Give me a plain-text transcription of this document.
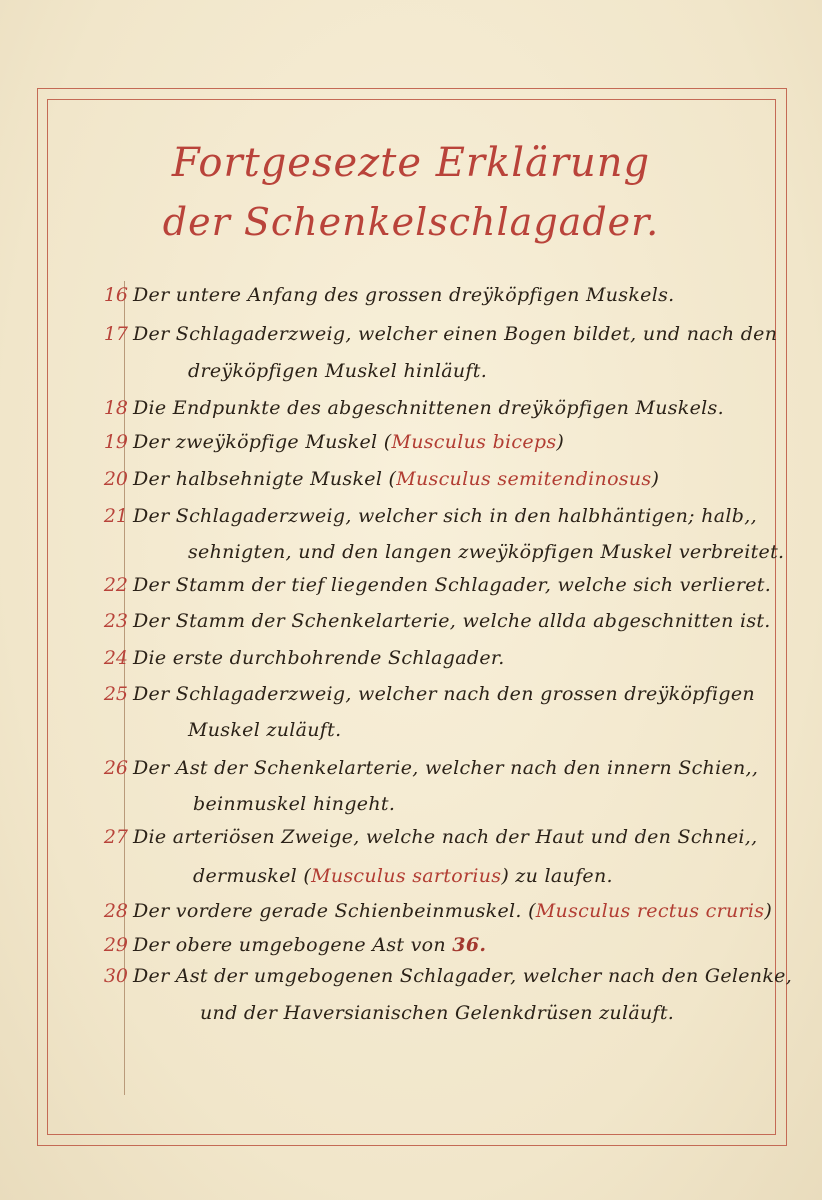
Fortgesezte Erklärung
der Schenkelschlagader.
16 Der untere Anfang des grossen dreÿköpfigen Muskels.
17 Der Schlagaderzweig, welcher einen Bogen bildet, und nach den
dreÿköpfigen Muskel hinläuft.
18 Die Endpunkte des abgeschnittenen dreÿköpfigen Muskels.
19 Der zweÿköpfige Muskel (Musculus biceps)
20 Der halbsehnigte Muskel (Musculus semitendinosus)
21 Der Schlagaderzweig, welcher sich in den halbhäntigen; halb,,
sehnigten, und den langen zweÿköpfigen Muskel verbreitet.
22 Der Stamm der tief liegenden Schlagader, welche sich verlieret.
23 Der Stamm der Schenkelarterie, welche allda abgeschnitten ist.
24 Die erste durchbohrende Schlagader.
25 Der Schlagaderzweig, welcher nach den grossen dreÿköpfigen
Muskel zuläuft.
26 Der Ast der Schenkelarterie, welcher nach den innern Schien,,
beinmuskel hingeht.
27 Die arteriösen Zweige, welche nach der Haut und den Schnei,,
dermuskel (Musculus sartorius) zu laufen.
28 Der vordere gerade Schienbeinmuskel. (Musculus rectus cruris)
29 Der obere umgebogene Ast von 36.
30 Der Ast der umgebogenen Schlagader, welcher nach den Gelenke,
und der Haversianischen Gelenkdrüsen zuläuft.
